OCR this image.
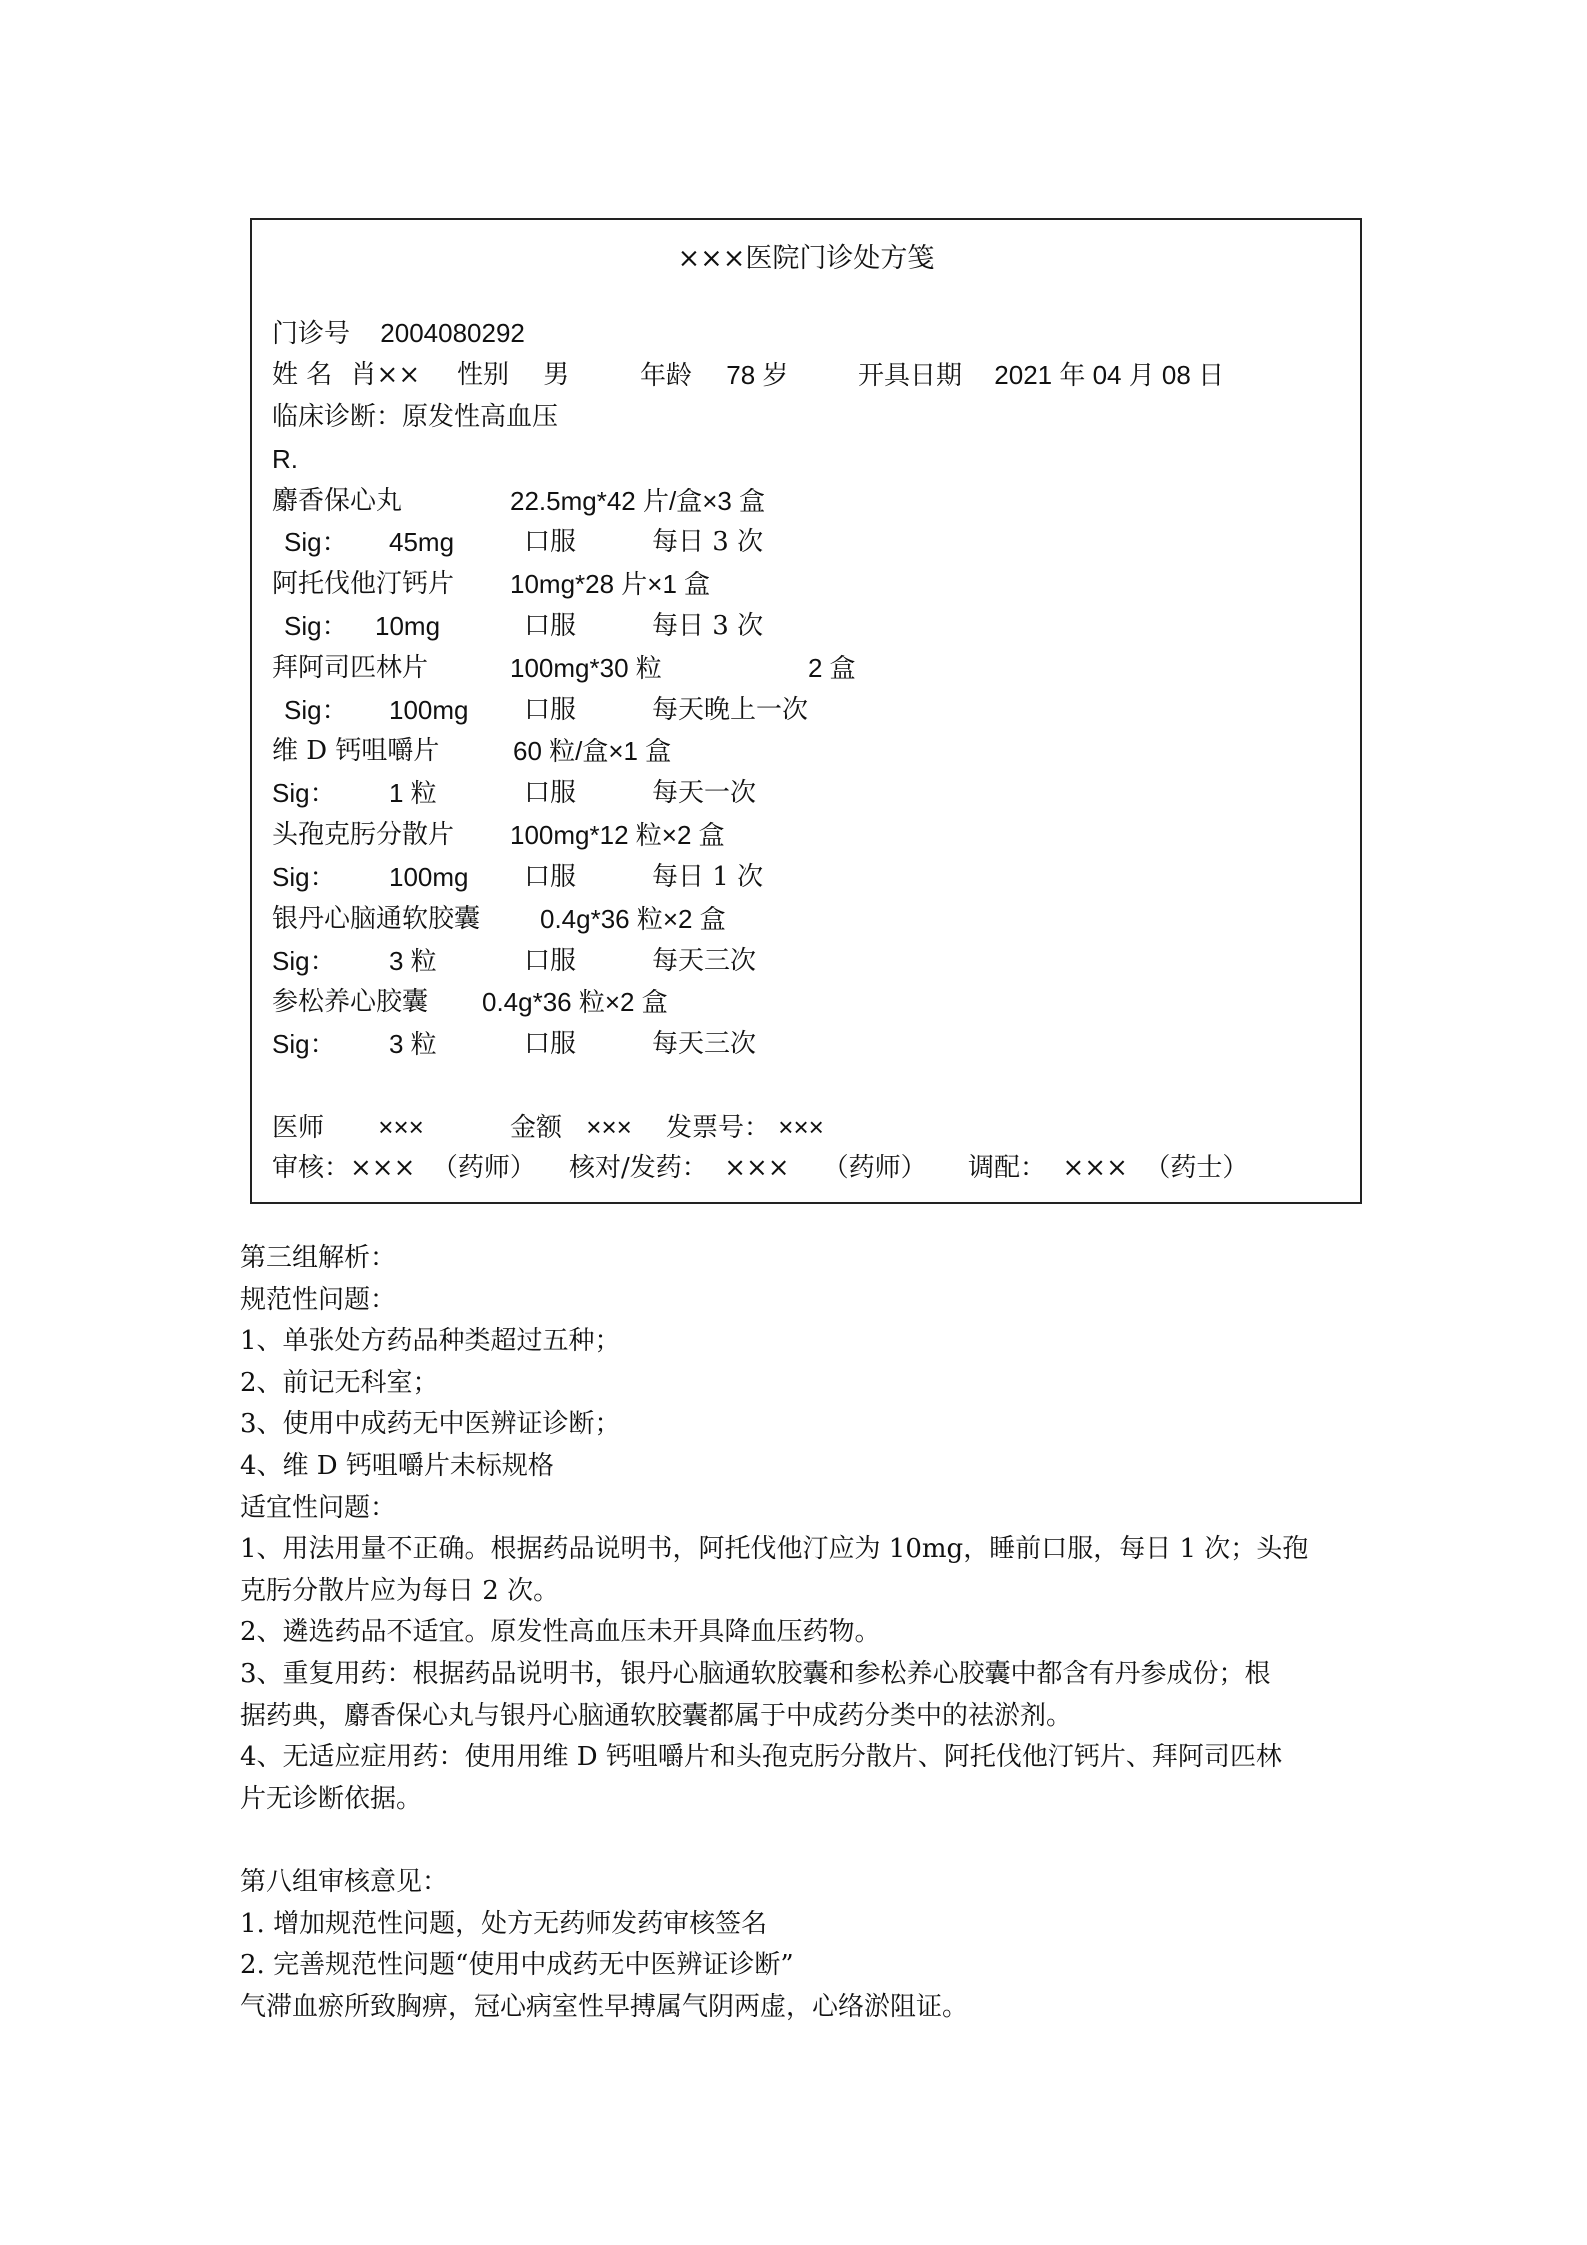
×××医院门诊处方笺
门诊号 2004080292
姓 名 肖×× 性别 男	年龄 78 岁	开具日期 2021 年 04 月 08 日
临床诊断：原发性高血压
R.
麝香保心丸	22.5mg*42 片/盒×3 盒
Sig： 45mg	口服	每日 3 次
阿托伐他汀钙片 10mg*28 片×1 盒
Sig： 10mg	口服	每日 3 次
拜阿司匹林片	100mg*30 粒	2 盒
Sig： 100mg 口服	每天晚上一次
维 D 钙咀嚼片	60 粒/盒×1 盒
Sig： 1 粒	口服	每天一次
头孢克肟分散片 100mg*12 粒×2 盒
Sig： 100mg 口服	每日 1 次
银丹心脑通软胶囊 0.4g*36 粒×2 盒
Sig： 3 粒	口服	每天三次
参松养心胶囊 0.4g*36 粒×2 盒
Sig： 3 粒	口服	每天三次
医师 ×××	金额 ××× 发票号： ×××
审核：×××  （药师）    核对/发药：  ×××    （药师）     调配：  ×××  （药士）
第三组解析：
规范性问题：
1、单张处方药品种类超过五种；
2、前记无科室；
3、使用中成药无中医辨证诊断；
4、维 D 钙咀嚼片未标规格
适宜性问题：
1、用法用量不正确。根据药品说明书，阿托伐他汀应为 10mg，睡前口服，每日 1 次；头孢
克肟分散片应为每日 2 次。
2、遴选药品不适宜。原发性高血压未开具降血压药物。
3、重复用药：根据药品说明书，银丹心脑通软胶囊和参松养心胶囊中都含有丹参成份；根
据药典，麝香保心丸与银丹心脑通软胶囊都属于中成药分类中的祛淤剂。
4、无适应症用药：使用用维 D 钙咀嚼片和头孢克肟分散片、阿托伐他汀钙片、拜阿司匹林
片无诊断依据。
第八组审核意见：
1. 增加规范性问题，处方无药师发药审核签名
2. 完善规范性问题“使用中成药无中医辨证诊断”
气滞血瘀所致胸痹，冠心病室性早搏属气阴两虚，心络淤阻证。
